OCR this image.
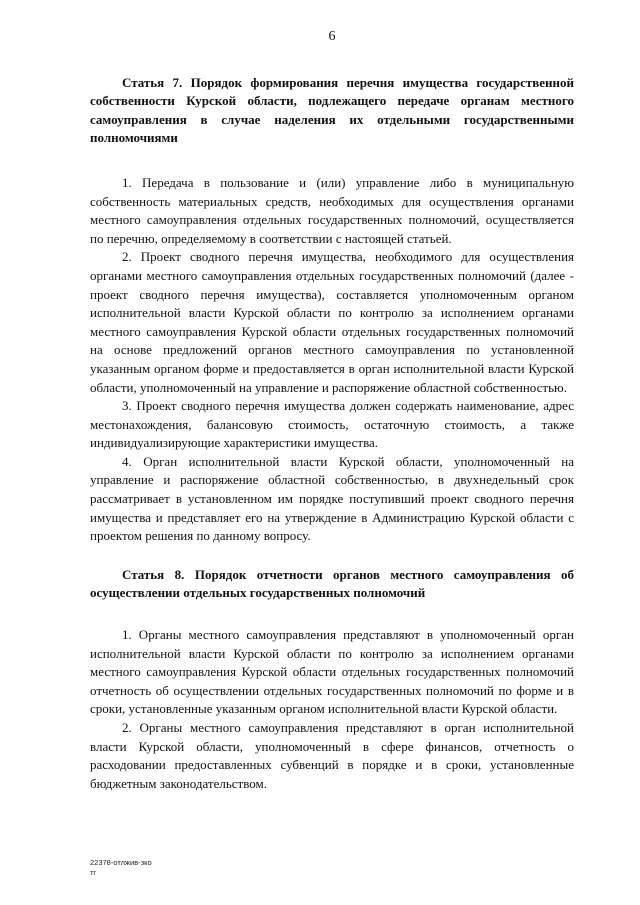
6
Статья 7. Порядок формирования перечня имущества государственной собственности Курской области, подлежащего передаче органам местного самоуправления в случае наделения их отдельными государственными полномочиями

1. Передача в пользование и (или) управление либо в муниципальную собственность материальных средств, необходимых для осуществления органами местного самоуправления отдельных государственных полномочий, осуществляется по перечню, определяемому в соответствии с настоящей статьей.

2. Проект сводного перечня имущества, необходимого для осуществления органами местного самоуправления отдельных государственных полномочий (далее - проект сводного перечня имущества), составляется уполномоченным органом исполнительной власти Курской области по контролю за исполнением органами местного самоуправления Курской области отдельных государственных полномочий на основе предложений органов местного самоуправления по установленной указанным органом форме и предоставляется в орган исполнительной власти Курской области, уполномоченный на управление и распоряжение областной собственностью.

3. Проект сводного перечня имущества должен содержать наименование, адрес местонахождения, балансовую стоимость, остаточную стоимость, а также индивидуализирующие характеристики имущества.

4. Орган исполнительной власти Курской области, уполномоченный на управление и распоряжение областной собственностью, в двухнедельный срок рассматривает в установленном им порядке поступивший проект сводного перечня имущества и представляет его на утверждение в Администрацию Курской области с проектом решения по данному вопросу.

Статья 8. Порядок отчетности органов местного самоуправления об осуществлении отдельных государственных полномочий

1. Органы местного самоуправления представляют в уполномоченный орган исполнительной власти Курской области по контролю за исполнением органами местного самоуправления Курской области отдельных государственных полномочий отчетность об осуществлении отдельных государственных полномочий по форме и в сроки, установленные указанным органом исполнительной власти Курской области.

2. Органы местного самоуправления представляют в орган исполнительной власти Курской области, уполномоченный в сфере финансов, отчетность о расходовании предоставленных субвенций в порядке и в сроки, установленные бюджетным законодательством.

22378-отлжив-зко
тг
